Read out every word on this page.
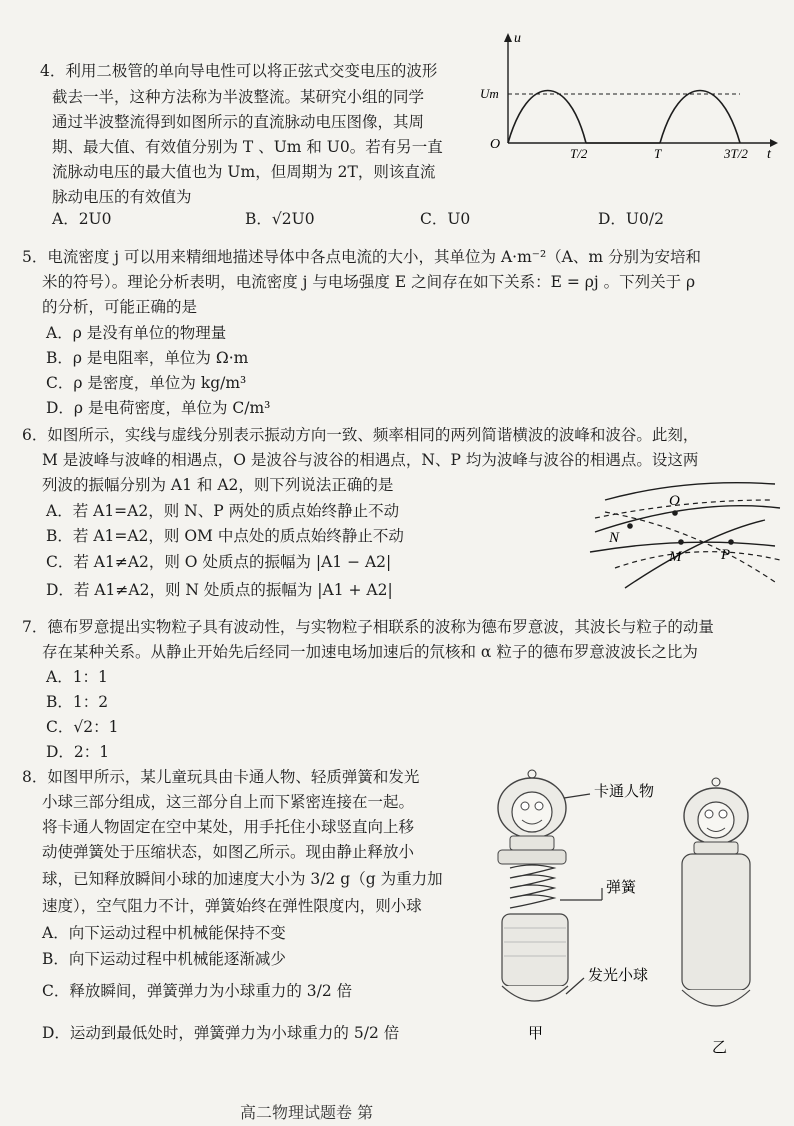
4．利用二极管的单向导电性可以将正弦式交变电压的波形
截去一半，这种方法称为半波整流。某研究小组的同学
通过半波整流得到如图所示的直流脉动电压图像，其周
期、最大值、有效值分别为 T 、Um 和 U0。若有另一直
流脉动电压的最大值也为 Um，但周期为 2T，则该直流
脉动电压的有效值为
A．2U0	B．√2U0	C．U0	D．U0/2
u
t
O
Um
T/2	T	3T/2
5．电流密度 j 可以用来精细地描述导体中各点电流的大小，其单位为 A·m⁻²（A、m 分别为安培和
米的符号）。理论分析表明，电流密度 j 与电场强度 E 之间存在如下关系：E = ρj 。下列关于 ρ
的分析，可能正确的是
A．ρ 是没有单位的物理量
B．ρ 是电阻率，单位为 Ω·m
C．ρ 是密度，单位为 kg/m³
D．ρ 是电荷密度，单位为 C/m³
6．如图所示，实线与虚线分别表示振动方向一致、频率相同的两列简谐横波的波峰和波谷。此刻，
M 是波峰与波峰的相遇点，O 是波谷与波谷的相遇点，N、P 均为波峰与波谷的相遇点。设这两
列波的振幅分别为 A1 和 A2，则下列说法正确的是
A．若 A1=A2，则 N、P 两处的质点始终静止不动
B．若 A1=A2，则 OM 中点处的质点始终静止不动
C．若 A1≠A2，则 O 处质点的振幅为 |A1 − A2|
D．若 A1≠A2，则 N 处质点的振幅为 |A1 + A2|
O
N
M	P
7．德布罗意提出实物粒子具有波动性，与实物粒子相联系的波称为德布罗意波，其波长与粒子的动量
存在某种关系。从静止开始先后经同一加速电场加速后的氘核和 α 粒子的德布罗意波波长之比为
A．1：1
B．1：2
C．√2：1
D．2：1
8．如图甲所示，某儿童玩具由卡通人物、轻质弹簧和发光
小球三部分组成，这三部分自上而下紧密连接在一起。
将卡通人物固定在空中某处，用手托住小球竖直向上移
动使弹簧处于压缩状态，如图乙所示。现由静止释放小
球，已知释放瞬间小球的加速度大小为 3/2 g（g 为重力加
速度），空气阻力不计，弹簧始终在弹性限度内，则小球
A．向下运动过程中机械能保持不变
B．向下运动过程中机械能逐渐减少
C．释放瞬间，弹簧弹力为小球重力的 3/2 倍
D．运动到最低处时，弹簧弹力为小球重力的 5/2 倍
卡通人物
弹簧
发光小球
甲
乙
高二物理试题卷 第
